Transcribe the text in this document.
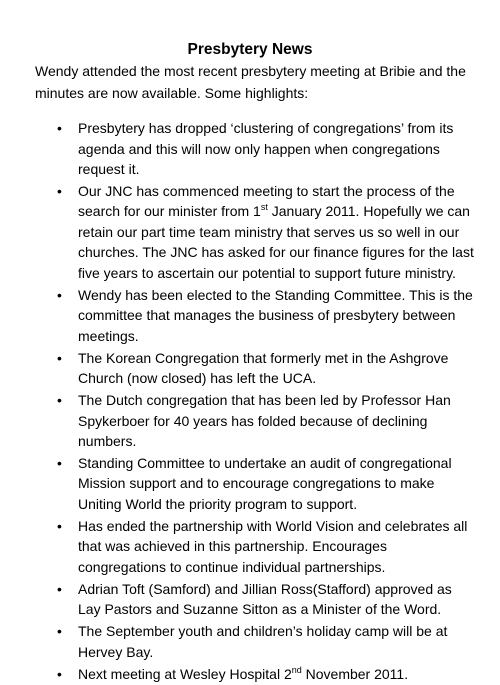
Presbytery News
Wendy attended the most recent presbytery meeting at Bribie and the minutes are now available. Some highlights:
• Presbytery has dropped ‘clustering of congregations’ from its agenda and this will now only happen when congregations request it.
• Our JNC has commenced meeting to start the process of the search for our minister from 1st January 2011. Hopefully we can retain our part time team ministry that serves us so well in our churches. The JNC has asked for our finance figures for the last five years to ascertain our potential to support future ministry.
• Wendy has been elected to the Standing Committee. This is the committee that manages the business of presbytery between meetings.
• The Korean Congregation that formerly met in the Ashgrove Church (now closed) has left the UCA.
• The Dutch congregation that has been led by Professor Han Spykerboer for 40 years has folded because of declining numbers.
• Standing Committee to undertake an audit of congregational Mission support and to encourage congregations to make Uniting World the priority program to support.
• Has ended the partnership with World Vision and celebrates all that was achieved in this partnership. Encourages congregations to continue individual partnerships.
• Adrian Toft (Samford) and Jillian Ross(Stafford) approved as Lay Pastors and Suzanne Sitton as a Minister of the Word.
• The September youth and children’s holiday camp will be at Hervey Bay.
• Next meeting at Wesley Hospital 2nd November 2011.
